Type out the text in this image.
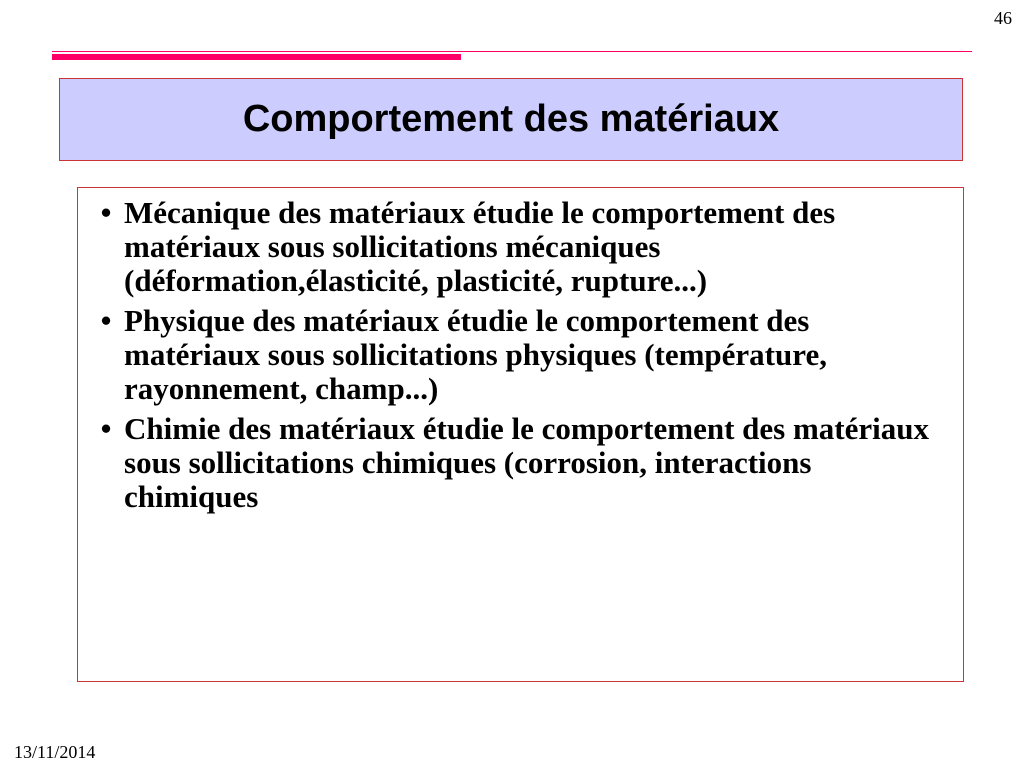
46
Comportement des matériaux
• Mécanique des matériaux étudie le comportement des matériaux sous sollicitations mécaniques (déformation,élasticité, plasticité, rupture...)
• Physique des matériaux étudie le comportement des matériaux sous sollicitations physiques (température, rayonnement, champ...)
• Chimie des matériaux étudie le comportement des matériaux sous sollicitations chimiques (corrosion, interactions chimiques
13/11/2014
